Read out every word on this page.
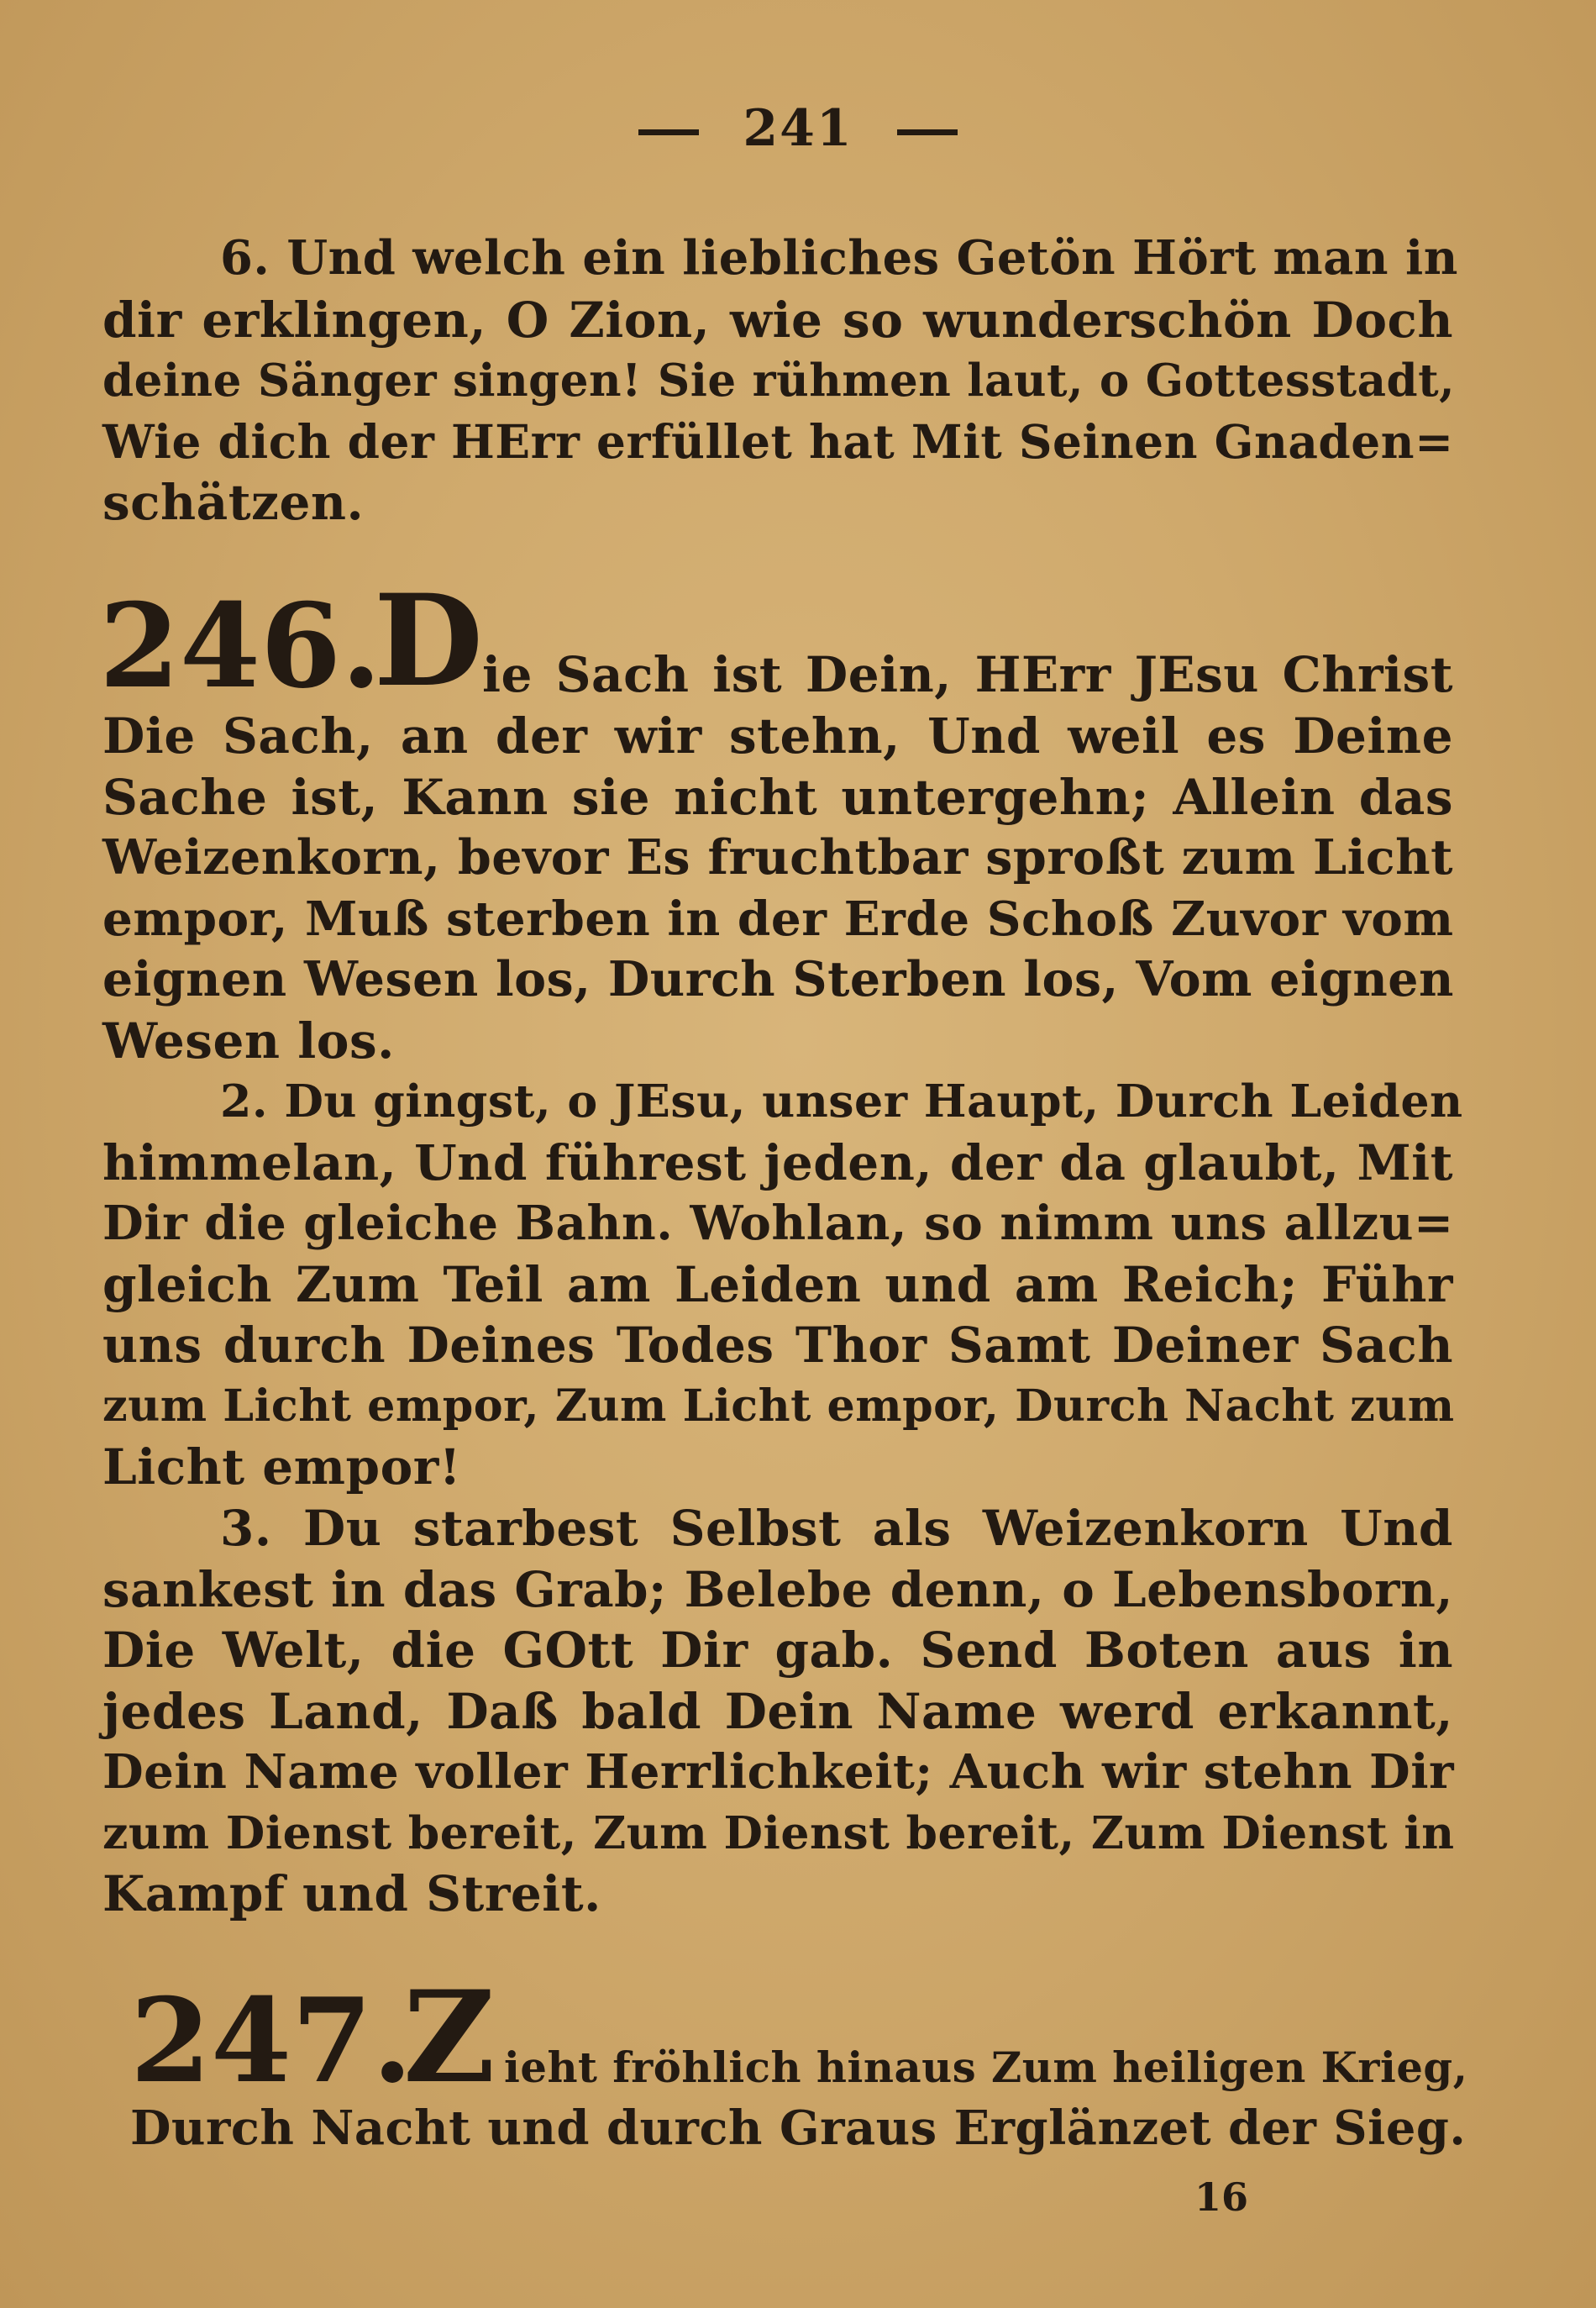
241
6. Und welch ein liebliches Getön Hört man in
dir erklingen, O Zion, wie so wunderschön Doch
deine Sänger singen! Sie rühmen laut, o Gottesstadt,
Wie dich der HErr erfüllet hat Mit Seinen Gnaden=
schätzen.
246.
D
ie Sach ist Dein, HErr JEsu Christ
Die Sach, an der wir stehn, Und weil es Deine
Sache ist, Kann sie nicht untergehn; Allein das
Weizenkorn, bevor Es fruchtbar sproßt zum Licht
empor, Muß sterben in der Erde Schoß Zuvor vom
eignen Wesen los, Durch Sterben los, Vom eignen
Wesen los.
2. Du gingst, o JEsu, unser Haupt, Durch Leiden
himmelan, Und führest jeden, der da glaubt, Mit
Dir die gleiche Bahn. Wohlan, so nimm uns allzu=
gleich Zum Teil am Leiden und am Reich; Führ
uns durch Deines Todes Thor Samt Deiner Sach
zum Licht empor, Zum Licht empor, Durch Nacht zum
Licht empor!
3. Du starbest Selbst als Weizenkorn Und
sankest in das Grab; Belebe denn, o Lebensborn,
Die Welt, die GOtt Dir gab. Send Boten aus in
jedes Land, Daß bald Dein Name werd erkannt,
Dein Name voller Herrlichkeit; Auch wir stehn Dir
zum Dienst bereit, Zum Dienst bereit, Zum Dienst in
Kampf und Streit.
247.
Z ieht fröhlich hinaus Zum heiligen Krieg,
Durch Nacht und durch Graus Erglänzet der Sieg.
16
